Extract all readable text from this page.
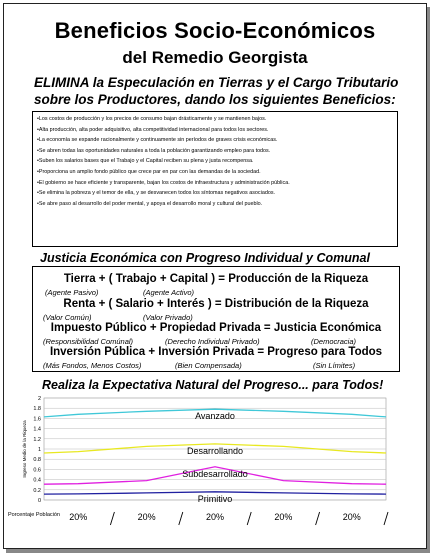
Beneficios Socio-Económicos
del Remedio Georgista
ELIMINA la Especulación en Tierras y el Cargo Tributario sobre los Productores, dando los siguientes Beneficios:
• Los costos de producción y los precios de consumo bajan drásticamente y se mantienen bajos.
• Alta producción, alta poder adquisitivo, alta competitividad internacional para todos los sectores.
• La economía se expande racionalmente y continuamente sin períodos de graves crisis económicas.
• Se abren todas las oportunidades naturales a toda la población garantizando empleo para todos.
• Suben los salarios bases que el Trabajo y el Capital reciben su plena y justa recompensa.
• Proporciona un amplio fondo público que crece par en par con las demandas de la sociedad.
• El gobierno se hace eficiente y transparente, bajan los costos de infraestructura y administración pública.
• Se elimina la pobreza y el temor de ella, y se desvanecen todos los síntomas negativos asociados.
• Se abre paso al desarrollo del poder mental, y apoya el desarrollo moral y cultural del pueblo.
Justicia Económica con Progreso Individual y Comunal
Tierra + ( Trabajo + Capital ) = Producción de la Riqueza
(Agente Pasivo)	(Agente Activo)
Renta + ( Salario + Interés ) = Distribución de la Riqueza
(Valor Común)	(Valor Privado)
Impuesto Público + Propiedad Privada = Justicia Económica
(Responsibilidad Comúnal)	(Derecho Individual Privado)	(Democracia)
Inversión Pública + Inversión Privada = Progreso para Todos
(Más Fondos, Menos Costos)	(Bien Compensada)	(Sin Límites)
Realiza la Expectativa Natural del Progreso... para Todos!
0
0.2
0.4
0.6
0.8
1
1.2
1.4
1.6
1.8
2
Ingreso Medio de la Riqueza
Avanzado
Desarrollando
Subdesarrollado
Primitivo
Porcentaje Población 20%	20%	20%	20%	20%
